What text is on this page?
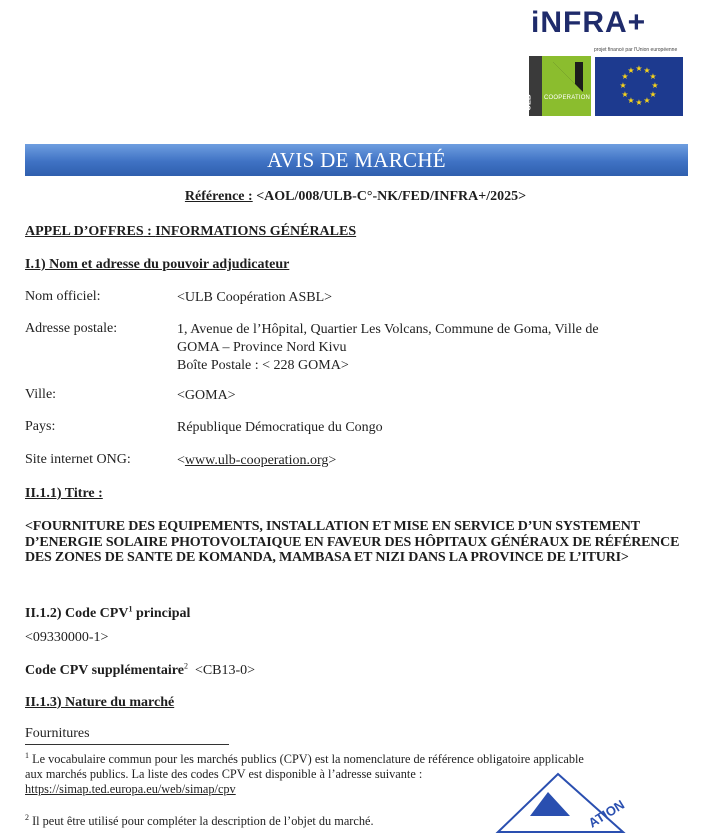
iNFRA+
projet financé par l'Union européenne
ULB COOPERATION
★ ★
★
★
★
★
★
★
★
★
★
★
AVIS DE MARCHÉ
Référence : <AOL/008/ULB-C°-NK/FED/INFRA+/2025>
APPEL D’OFFRES : INFORMATIONS GÉNÉRALES
I.1) Nom et adresse du pouvoir adjudicateur
Nom officiel:	<ULB Coopération ASBL>
Adresse postale:	1, Avenue de l’Hôpital, Quartier Les Volcans, Commune de Goma, Ville de
GOMA – Province Nord Kivu
Boîte Postale : < 228 GOMA>
Ville:	<GOMA>
Pays:	République Démocratique du Congo
Site internet ONG:	<www.ulb-cooperation.org>
II.1.1) Titre :
<FOURNITURE DES EQUIPEMENTS, INSTALLATION ET MISE EN SERVICE D’UN SYSTEMENT D’ENERGIE SOLAIRE PHOTOVOLTAIQUE EN FAVEUR DES HÔPITAUX GÉNÉRAUX DE RÉFÉRENCE DES ZONES DE SANTE DE KOMANDA, MAMBASA ET NIZI DANS LA PROVINCE DE L’ITURI>
II.1.2) Code CPV$^1$ principal
<09330000-1>
Code CPV supplémentaire$^2$ <CB13-0>
II.1.3) Nature du marché
Fournitures
$^1$ Le vocabulaire commun pour les marchés publics (CPV) est la nomenclature de référence obligatoire applicable
aux marchés publics. La liste des codes CPV est disponible à l’adresse suivante :
https://simap.ted.europa.eu/web/simap/cpv
$^2$ Il peut être utilisé pour compléter la description de l’objet du marché.	ATION
